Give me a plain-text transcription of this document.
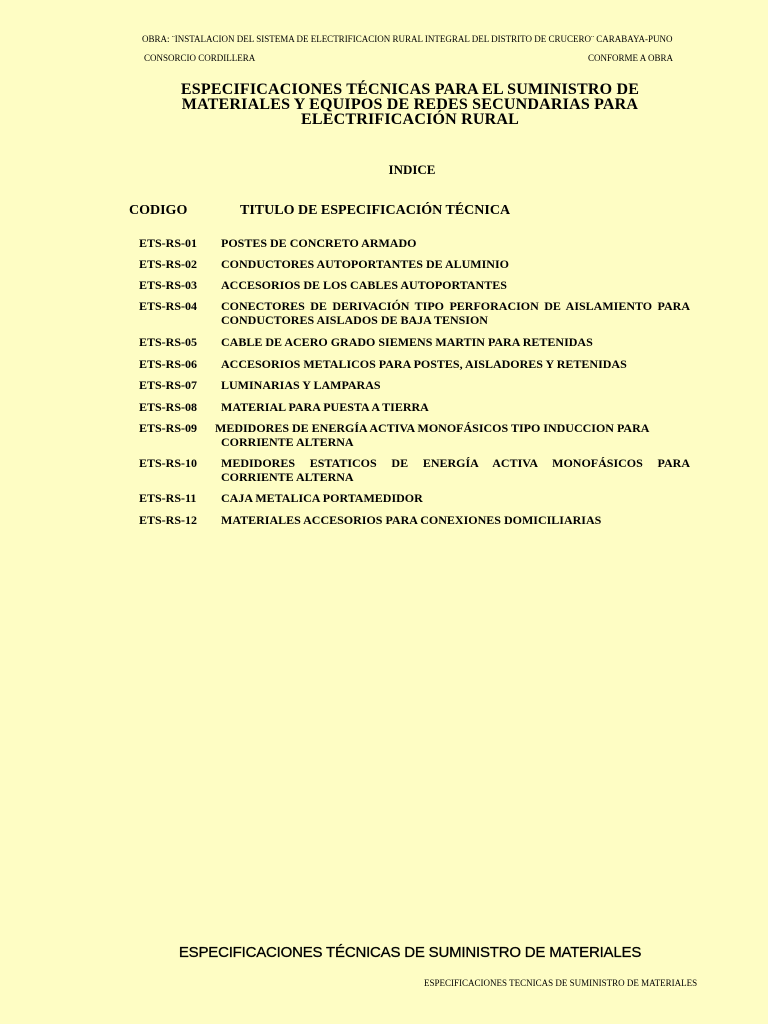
OBRA: ¨INSTALACION DEL SISTEMA DE ELECTRIFICACION RURAL INTEGRAL DEL DISTRITO DE CRUCERO¨ CARABAYA-PUNO
CONSORCIO CORDILLERA	CONFORME A OBRA
ESPECIFICACIONES TÉCNICAS PARA EL SUMINISTRO DE
MATERIALES Y EQUIPOS DE REDES SECUNDARIAS PARA
ELECTRIFICACIÓN RURAL
INDICE
CODIGO	TITULO DE ESPECIFICACIÓN TÉCNICA
ETS-RS-01 POSTES DE CONCRETO ARMADO
ETS-RS-02 CONDUCTORES AUTOPORTANTES DE ALUMINIO
ETS-RS-03 ACCESORIOS DE LOS CABLES AUTOPORTANTES
ETS-RS-04 CONECTORES DE DERIVACIÓN TIPO PERFORACION DE AISLAMIENTO PARA CONDUCTORES AISLADOS DE BAJA TENSION
ETS-RS-05 CABLE DE ACERO GRADO SIEMENS MARTIN PARA RETENIDAS
ETS-RS-06 ACCESORIOS METALICOS PARA POSTES, AISLADORES Y RETENIDAS
ETS-RS-07 LUMINARIAS Y LAMPARAS
ETS-RS-08 MATERIAL PARA PUESTA A TIERRA
ETS-RS-09 MEDIDORES DE ENERGÍA ACTIVA MONOFÁSICOS TIPO INDUCCION PARA
CORRIENTE ALTERNA
ETS-RS-10 MEDIDORES ESTATICOS DE ENERGÍA ACTIVA MONOFÁSICOS PARA CORRIENTE ALTERNA
ETS-RS-11 CAJA METALICA PORTAMEDIDOR
ETS-RS-12 MATERIALES ACCESORIOS PARA CONEXIONES DOMICILIARIAS
ESPECIFICACIONES TÉCNICAS DE SUMINISTRO DE MATERIALES
ESPECIFICACIONES TECNICAS DE SUMINISTRO DE MATERIALES
